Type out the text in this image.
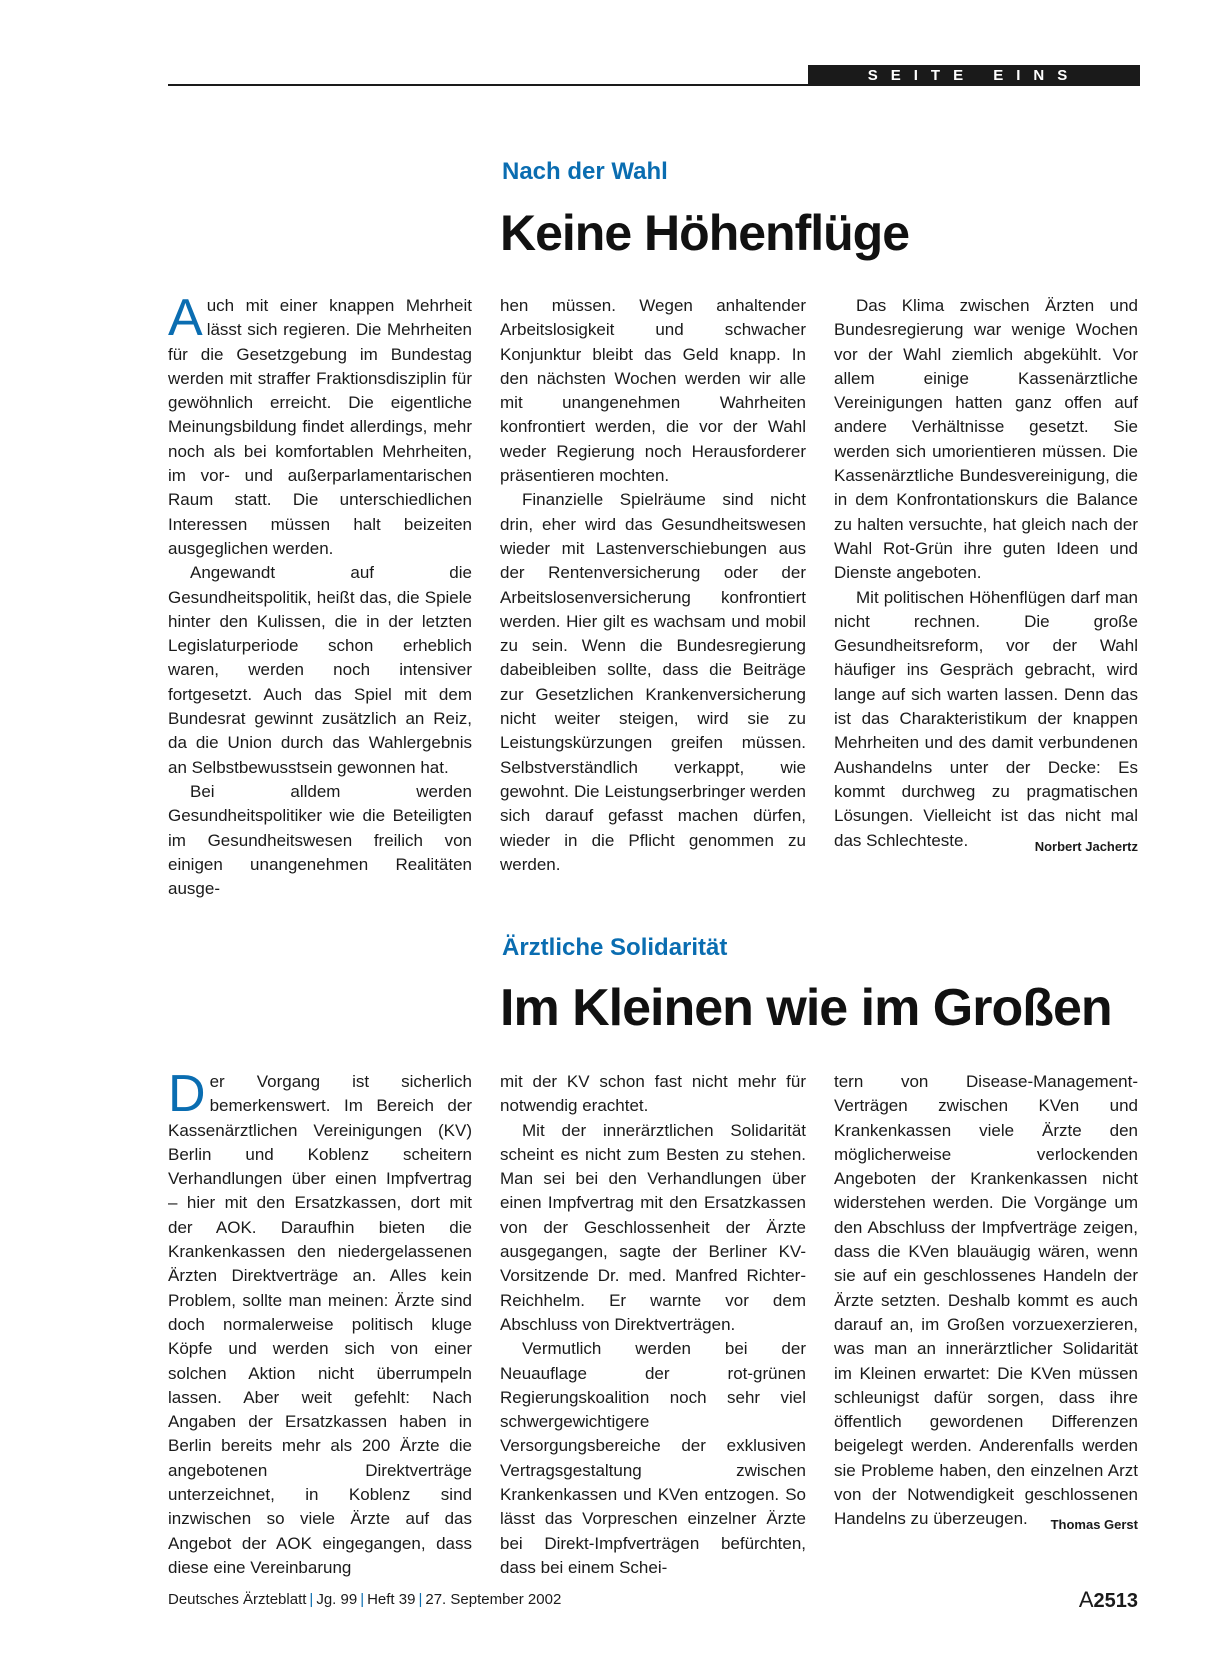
SEITE EINS
Nach der Wahl
Keine Höhenflüge

Auch mit einer knappen Mehrheit lässt sich regieren. Die Mehrheiten für die Gesetzgebung im Bundestag werden mit straffer Fraktionsdisziplin für gewöhnlich erreicht. Die eigentliche Meinungsbildung findet allerdings, mehr noch als bei komfortablen Mehrheiten, im vor- und außerparlamentarischen Raum statt. Die unterschiedlichen Interessen müssen halt beizeiten ausgeglichen werden.

Angewandt auf die Gesundheitspolitik, heißt das, die Spiele hinter den Kulissen, die in der letzten Legislaturperiode schon erheblich waren, werden noch intensiver fortgesetzt. Auch das Spiel mit dem Bundesrat gewinnt zusätzlich an Reiz, da die Union durch das Wahlergebnis an Selbstbewusstsein gewonnen hat.

Bei alldem werden Gesundheitspolitiker wie die Beteiligten im Gesundheitswesen freilich von einigen unangenehmen Realitäten ausge-

hen müssen. Wegen anhaltender Arbeitslosigkeit und schwacher Konjunktur bleibt das Geld knapp. In den nächsten Wochen werden wir alle mit unangenehmen Wahrheiten konfrontiert werden, die vor der Wahl weder Regierung noch Herausforderer präsentieren mochten.

Finanzielle Spielräume sind nicht drin, eher wird das Gesundheitswesen wieder mit Lastenverschiebungen aus der Rentenversicherung oder der Arbeitslosenversicherung konfrontiert werden. Hier gilt es wachsam und mobil zu sein. Wenn die Bundesregierung dabeibleiben sollte, dass die Beiträge zur Gesetzlichen Krankenversicherung nicht weiter steigen, wird sie zu Leistungskürzungen greifen müssen. Selbstverständlich verkappt, wie gewohnt. Die Leistungserbringer werden sich darauf gefasst machen dürfen, wieder in die Pflicht genommen zu werden.

Das Klima zwischen Ärzten und Bundesregierung war wenige Wochen vor der Wahl ziemlich abgekühlt. Vor allem einige Kassenärztliche Vereinigungen hatten ganz offen auf andere Verhältnisse gesetzt. Sie werden sich umorientieren müssen. Die Kassenärztliche Bundesvereinigung, die in dem Konfrontationskurs die Balance zu halten versuchte, hat gleich nach der Wahl Rot-Grün ihre guten Ideen und Dienste angeboten.

Mit politischen Höhenflügen darf man nicht rechnen. Die große Gesundheitsreform, vor der Wahl häufiger ins Gespräch gebracht, wird lange auf sich warten lassen. Denn das ist das Charakteristikum der knappen Mehrheiten und des damit verbundenen Aushandelns unter der Decke: Es kommt durchweg zu pragmatischen Lösungen. Vielleicht ist das nicht mal das Schlechteste.	Norbert Jachertz

Ärztliche Solidarität
Im Kleinen wie im Großen

Der Vorgang ist sicherlich bemerkenswert. Im Bereich der Kassenärztlichen Vereinigungen (KV) Berlin und Koblenz scheitern Verhandlungen über einen Impfvertrag – hier mit den Ersatzkassen, dort mit der AOK. Daraufhin bieten die Krankenkassen den niedergelassenen Ärzten Direktverträge an. Alles kein Problem, sollte man meinen: Ärzte sind doch normalerweise politisch kluge Köpfe und werden sich von einer solchen Aktion nicht überrumpeln lassen. Aber weit gefehlt: Nach Angaben der Ersatzkassen haben in Berlin bereits mehr als 200 Ärzte die angebotenen Direktverträge unterzeichnet, in Koblenz sind inzwischen so viele Ärzte auf das Angebot der AOK eingegangen, dass diese eine Vereinbarung

mit der KV schon fast nicht mehr für notwendig erachtet.

Mit der innerärztlichen Solidarität scheint es nicht zum Besten zu stehen. Man sei bei den Verhandlungen über einen Impfvertrag mit den Ersatzkassen von der Geschlossenheit der Ärzte ausgegangen, sagte der Berliner KV-Vorsitzende Dr. med. Manfred Richter-Reichhelm. Er warnte vor dem Abschluss von Direktverträgen.

Vermutlich werden bei der Neuauflage der rot-grünen Regierungskoalition noch sehr viel schwergewichtigere Versorgungsbereiche der exklusiven Vertragsgestaltung zwischen Krankenkassen und KVen entzogen. So lässt das Vorpreschen einzelner Ärzte bei Direkt-Impfverträgen befürchten, dass bei einem Schei-

tern von Disease-Management-Verträgen zwischen KVen und Krankenkassen viele Ärzte den möglicherweise verlockenden Angeboten der Krankenkassen nicht widerstehen werden. Die Vorgänge um den Abschluss der Impfverträge zeigen, dass die KVen blauäugig wären, wenn sie auf ein geschlossenes Handeln der Ärzte setzten. Deshalb kommt es auch darauf an, im Großen vorzuexerzieren, was man an innerärztlicher Solidarität im Kleinen erwartet: Die KVen müssen schleunigst dafür sorgen, dass ihre öffentlich gewordenen Differenzen beigelegt werden. Anderenfalls werden sie Probleme haben, den einzelnen Arzt von der Notwendigkeit geschlossenen Handelns zu überzeugen. Thomas Gerst

Deutsches Ärzteblatt | Jg. 99 | Heft 39 | 27. September 2002	A2513
